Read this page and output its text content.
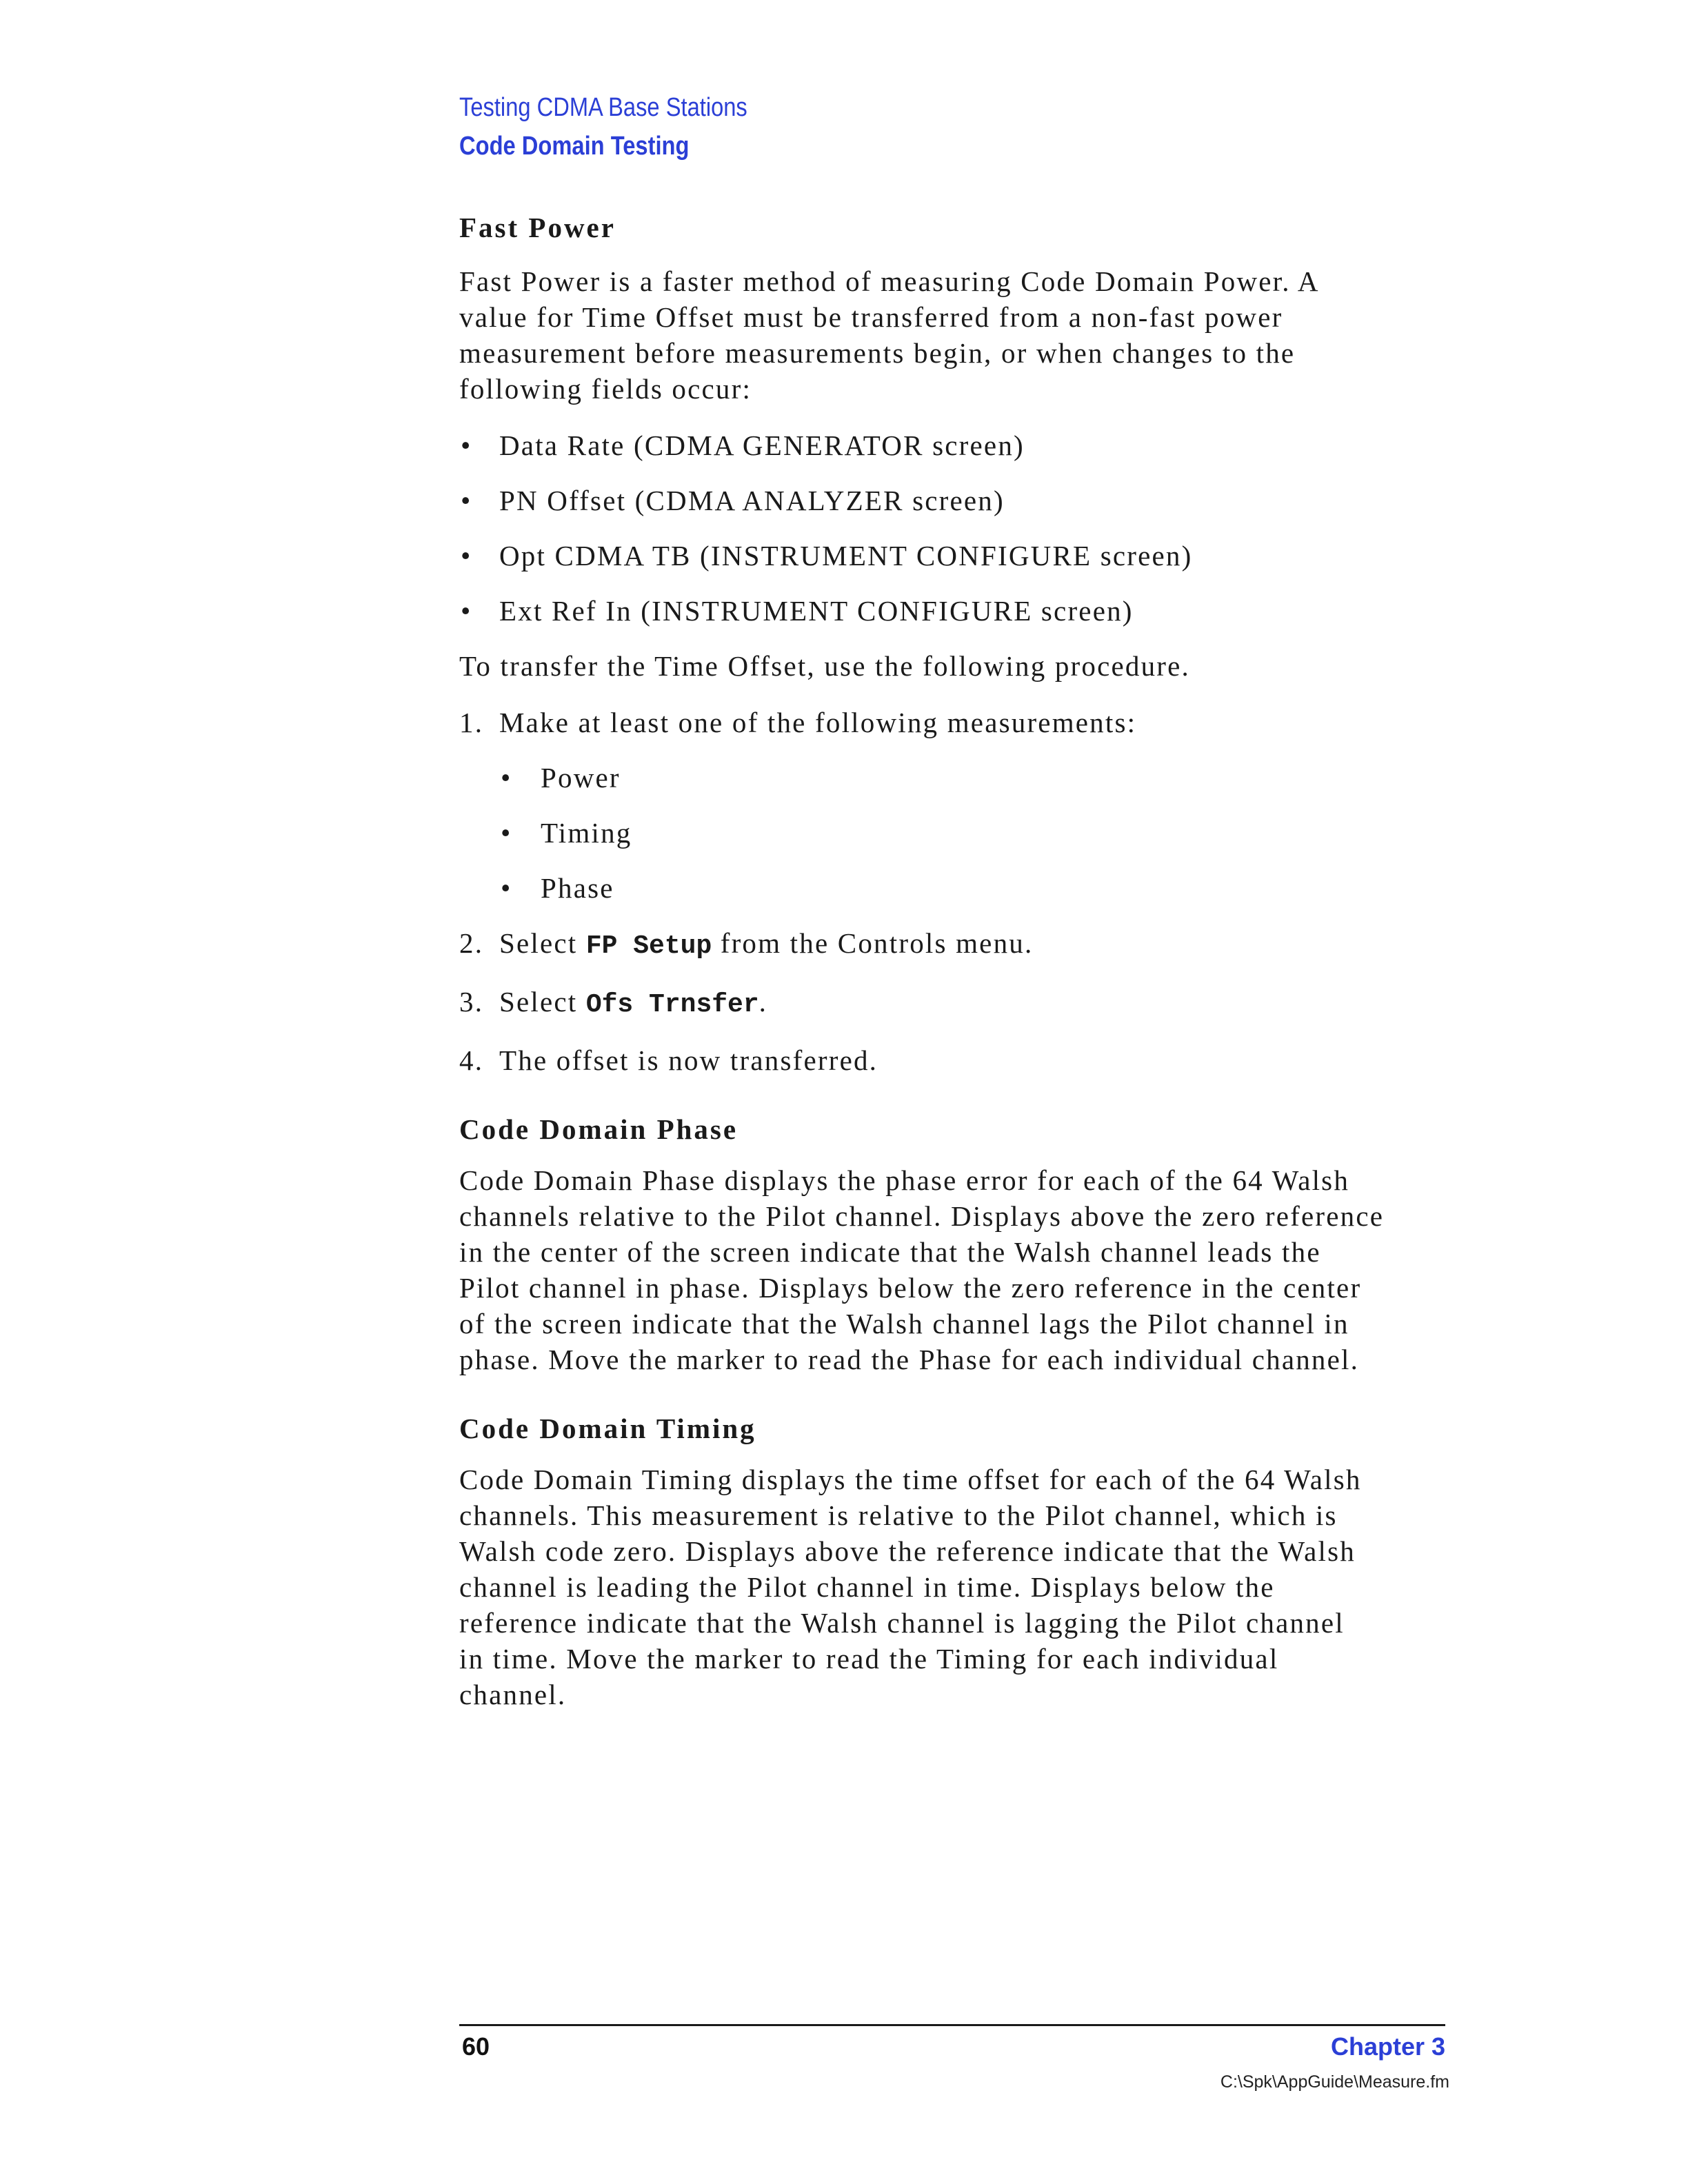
Testing CDMA Base Stations
Code Domain Testing
Fast Power

Fast Power is a faster method of measuring Code Domain Power. A
value for Time Offset must be transferred from a non-fast power
measurement before measurements begin, or when changes to the
following fields occur:

• Data Rate (CDMA GENERATOR screen)
• PN Offset (CDMA ANALYZER screen)
• Opt CDMA TB (INSTRUMENT CONFIGURE screen)
• Ext Ref In (INSTRUMENT CONFIGURE screen)

To transfer the Time Offset, use the following procedure.

1. Make at least one of the following measurements:
• Power
• Timing
• Phase
2. Select FP Setup from the Controls menu.
3. Select Ofs Trnsfer.
4. The offset is now transferred.
Code Domain Phase

Code Domain Phase displays the phase error for each of the 64 Walsh
channels relative to the Pilot channel. Displays above the zero reference
in the center of the screen indicate that the Walsh channel leads the
Pilot channel in phase. Displays below the zero reference in the center
of the screen indicate that the Walsh channel lags the Pilot channel in
phase. Move the marker to read the Phase for each individual channel.

Code Domain Timing

Code Domain Timing displays the time offset for each of the 64 Walsh
channels. This measurement is relative to the Pilot channel, which is
Walsh code zero. Displays above the reference indicate that the Walsh
channel is leading the Pilot channel in time. Displays below the
reference indicate that the Walsh channel is lagging the Pilot channel
in time. Move the marker to read the Timing for each individual
channel.

60	Chapter 3
C:\Spk\AppGuide\Measure.fm
